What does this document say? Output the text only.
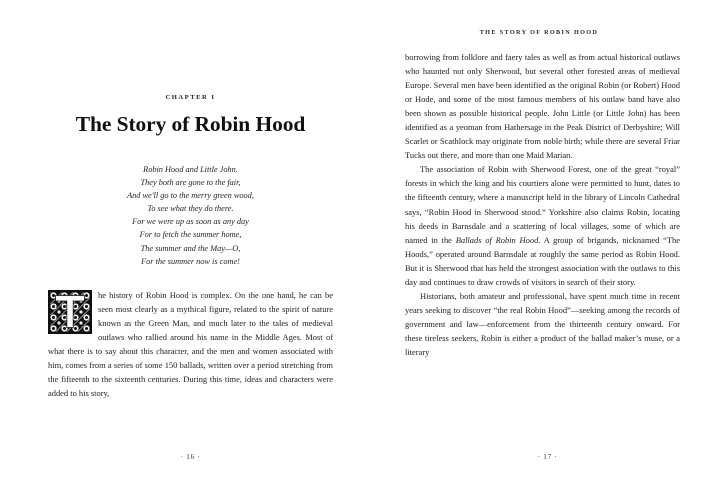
CHAPTER I
The Story of Robin Hood
Robin Hood and Little John.
They both are gone to the fair,
And we'll go to the merry green wood,
To see what they do there.
For we were up as soon as any day
For to fetch the summer home,
The summer and the May—O,
For the summer now is come!

he history of Robin Hood is complex. On the one hand, he can be seen most clearly as a mythical figure, related to the spirit of nature known as the Green Man, and much later to the tales of medieval outlaws who rallied around his name in the Middle Ages. Most of what there is to say about this character, and the men and women associated with him, comes from a series of some 150 ballads, written over a period stretching from the fifteenth to the sixteenth centuries. During this time, ideas and characters were added to his story,

· 16 ·
THE STORY OF ROBIN HOOD

borrowing from folklore and faery tales as well as from actual historical outlaws who haunted not only Sherwood, but several other forested areas of medieval Europe. Several men have been identified as the original Robin (or Robert) Hood or Hode, and some of the most famous members of his outlaw band have also been shown as possible historical people. John Little (or Little John) has been identified as a yeoman from Hathersage in the Peak District of Derbyshire; Will Scarlet or Scathlock may originate from noble birth; while there are several Friar Tucks out there, and more than one Maid Marian.

The association of Robin with Sherwood Forest, one of the great “royal” forests in which the king and his courtiers alone were permitted to hunt, dates to the fifteenth century, where a manuscript held in the library of Lincoln Cathedral says, “Robin Hood in Sherwood stood.” Yorkshire also claims Robin, locating his deeds in Barnsdale and a scattering of local villages, some of which are named in the Ballads of Robin Hood. A group of brigands, nicknamed “The Hoods,” operated around Barnsdale at roughly the same period as Robin Hood. But it is Sherwood that has held the strongest association with the outlaws to this day and continues to draw crowds of visitors in search of their story.

Historians, both amateur and professional, have spent much time in recent years seeking to discover “the real Robin Hood”—seeking among the records of government and law—enforcement from the thirteenth century onward. For these tireless seekers, Robin is either a product of the ballad maker’s muse, or a literary

· 17 ·
